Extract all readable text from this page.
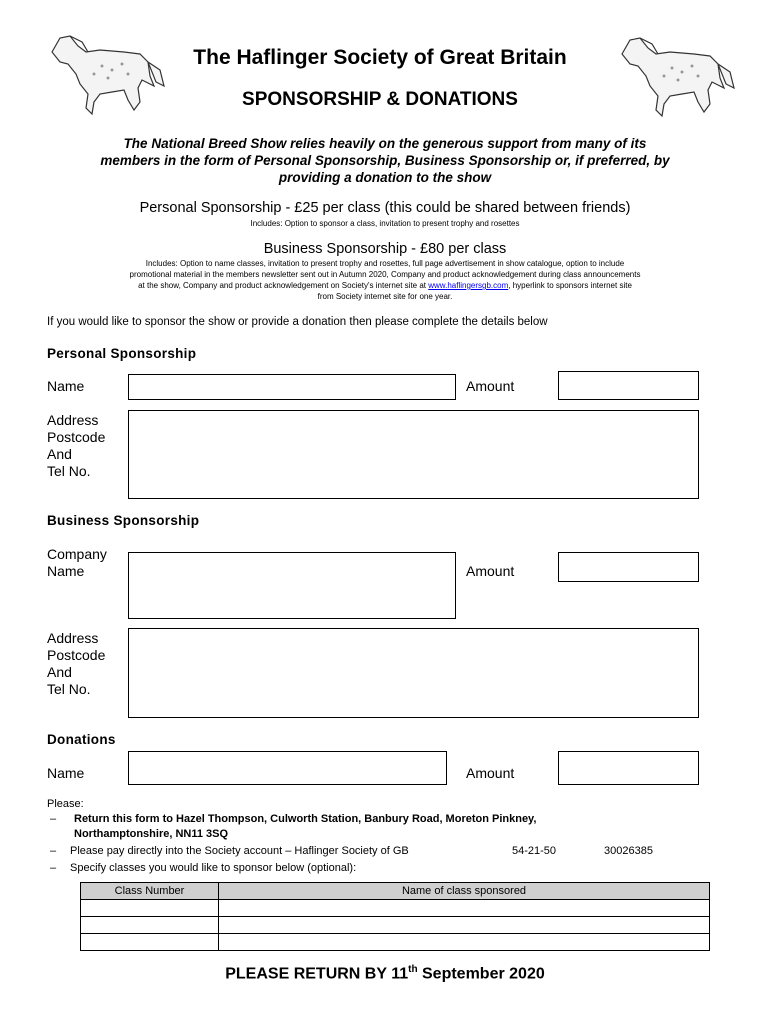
The Haflinger Society of Great Britain
SPONSORSHIP & DONATIONS
The National Breed Show relies heavily on the generous support from many of its
members in the form of Personal Sponsorship, Business Sponsorship or, if preferred, by
providing a donation to the show
Personal Sponsorship - £25 per class (this could be shared between friends)
Includes: Option to sponsor a class, invitation to present trophy and rosettes
Business Sponsorship - £80 per class
Includes: Option to name classes, invitation to present trophy and rosettes, full page advertisement in show catalogue, option to include
promotional material in the members newsletter sent out in Autumn 2020, Company and product acknowledgement during class announcements
at the show, Company and product acknowledgement on Society's internet site at www.haflingersgb.com, hyperlink to sponsors internet site
from Society internet site for one year.
If you would like to sponsor the show or provide a donation then please complete the details below
Personal Sponsorship
Name	Amount
Address
Postcode
And
Tel No.
Business Sponsorship
Company
Name	Amount
Address
Postcode
And
Tel No.
Donations
Name	Amount
Please:
– Return this form to Hazel Thompson, Culworth Station, Banbury Road, Moreton Pinkney,
Northamptonshire, NN11 3SQ
– Please pay directly into the Society account – Haflinger Society of GB	54-21-50	30026385
– Specify classes you would like to sponsor below (optional):
Class Number	Name of class sponsored

PLEASE RETURN BY 11th September 2020
